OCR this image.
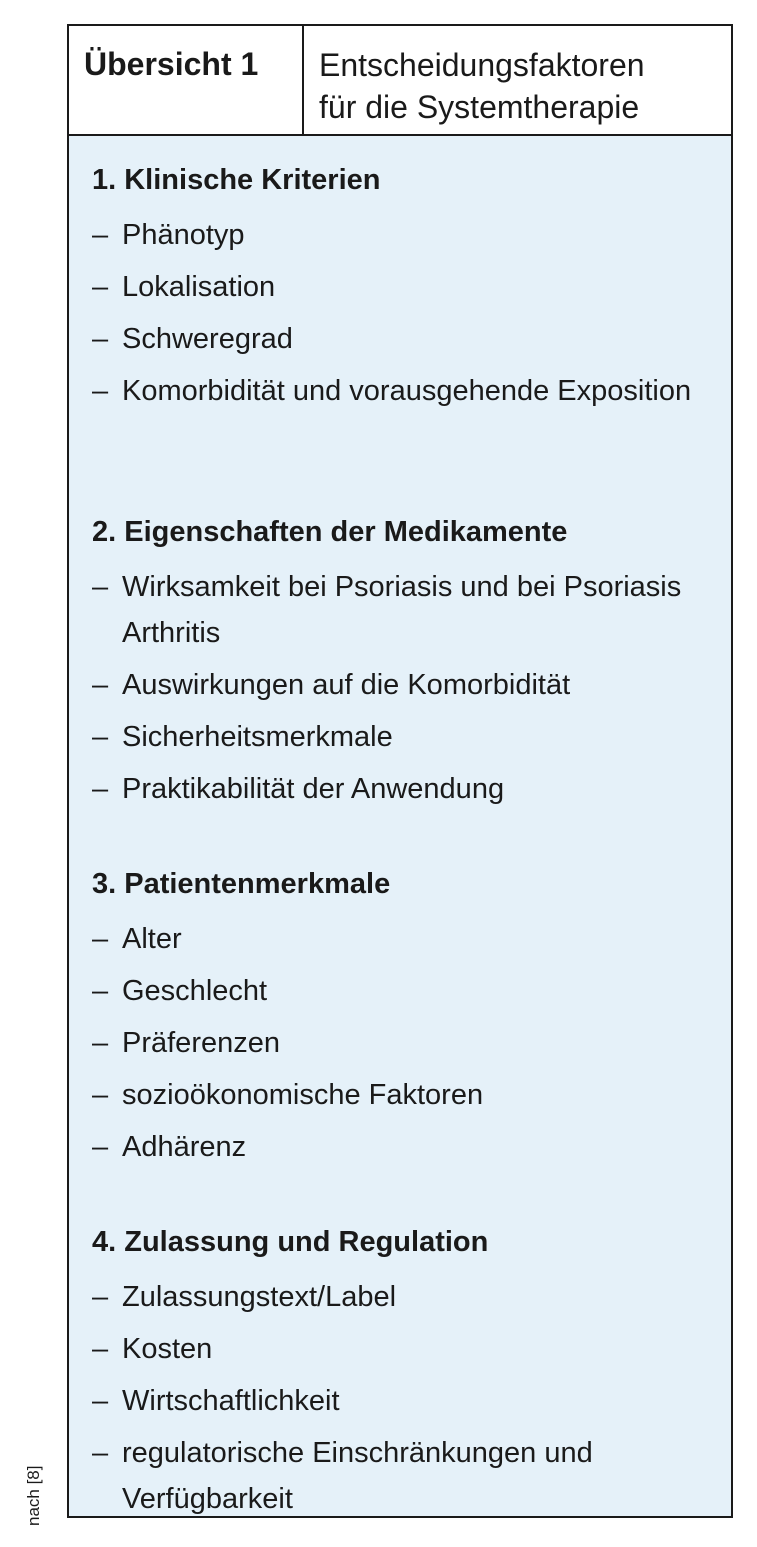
Übersicht 1 Entscheidungsfaktoren
für die Systemtherapie
1. Klinische Kriterien
– Phänotyp
– Lokalisation
– Schweregrad
– Komorbidität und vorausgehende Exposition
2. Eigenschaften der Medikamente
– Wirksamkeit bei Psoriasis und bei Psoriasis Arthritis
– Auswirkungen auf die Komorbidität
– Sicherheitsmerkmale
– Praktikabilität der Anwendung
3. Patientenmerkmale
– Alter
– Geschlecht
– Präferenzen
– sozioökonomische Faktoren
– Adhärenz
4. Zulassung und Regulation
– Zulassungstext/Label
– Kosten
– Wirtschaftlichkeit
– regulatorische Einschränkungen und Verfügbarkeit
nach [8]
